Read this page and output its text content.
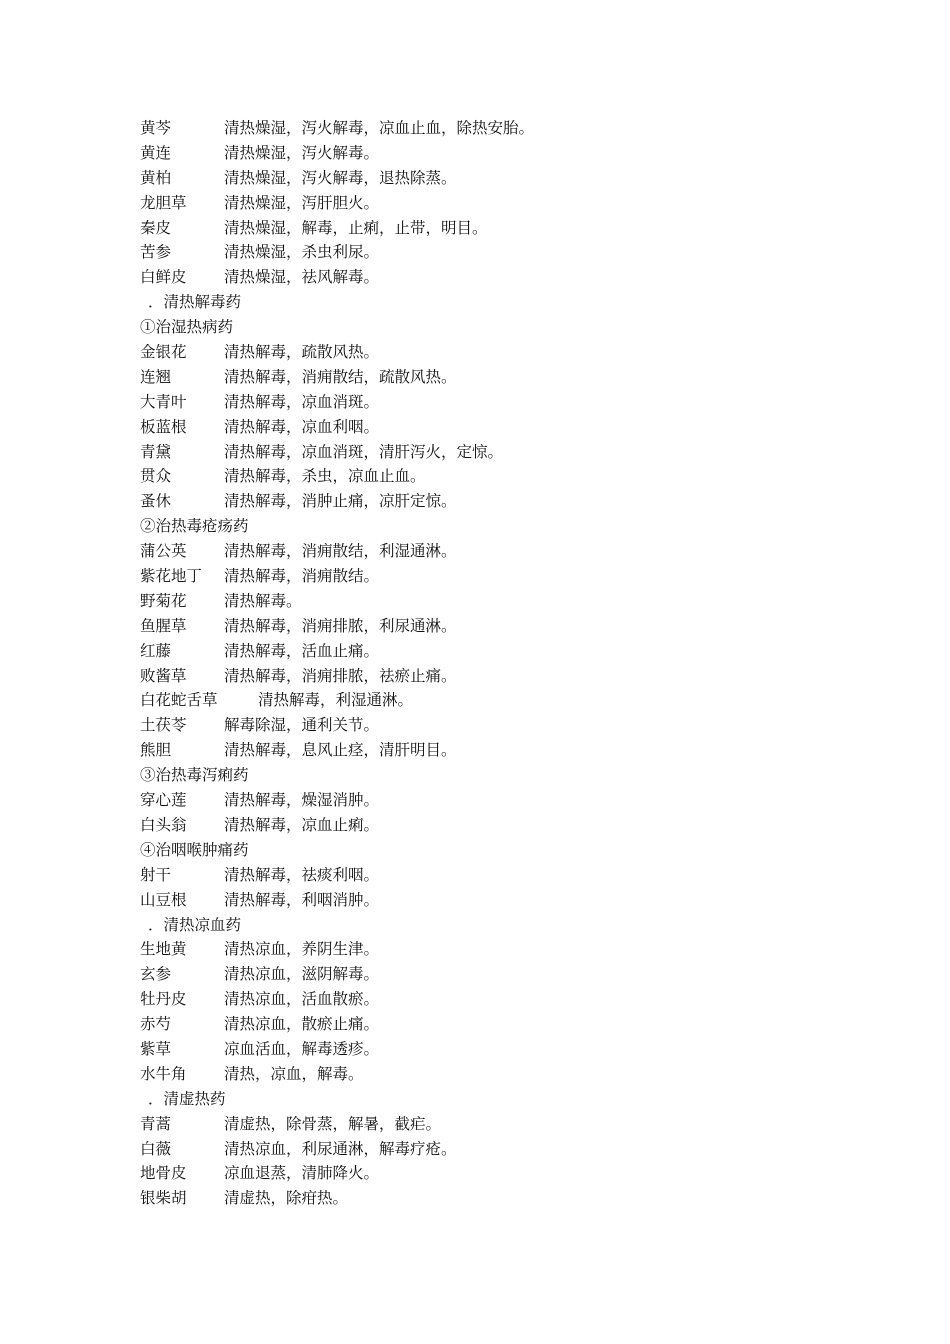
黄芩	清热燥湿，泻火解毒，凉血止血，除热安胎。
黄连	清热燥湿，泻火解毒。
黄柏	清热燥湿，泻火解毒，退热除蒸。
龙胆草 清热燥湿，泻肝胆火。
秦皮	清热燥湿，解毒，止痢，止带，明目。
苦参	清热燥湿，杀虫利尿。
白鲜皮 清热燥湿，祛风解毒。
．清热解毒药
①治湿热病药
金银花 清热解毒，疏散风热。
连翘	清热解毒，消痈散结，疏散风热。
大青叶 清热解毒，凉血消斑。
板蓝根 清热解毒，凉血利咽。
青黛	清热解毒，凉血消斑，清肝泻火，定惊。
贯众	清热解毒，杀虫，凉血止血。
蚤休	清热解毒，消肿止痛，凉肝定惊。
②治热毒疮疡药
蒲公英 清热解毒，消痈散结，利湿通淋。
紫花地丁 清热解毒，消痈散结。
野菊花 清热解毒。
鱼腥草 清热解毒，消痈排脓，利尿通淋。
红藤	清热解毒，活血止痛。
败酱草 清热解毒，消痈排脓，祛瘀止痛。
白花蛇舌草	清热解毒，利湿通淋。
土茯苓 解毒除湿，通利关节。
熊胆	清热解毒，息风止痉，清肝明目。
③治热毒泻痢药
穿心莲 清热解毒，燥湿消肿。
白头翁 清热解毒，凉血止痢。
④治咽喉肿痛药
射干	清热解毒，祛痰利咽。
山豆根 清热解毒，利咽消肿。
．清热凉血药
生地黄 清热凉血，养阴生津。
玄参	清热凉血，滋阴解毒。
牡丹皮 清热凉血，活血散瘀。
赤芍	清热凉血，散瘀止痛。
紫草	凉血活血，解毒透疹。
水牛角 清热，凉血，解毒。
．清虚热药
青蒿	清虚热，除骨蒸，解暑，截疟。
白薇	清热凉血，利尿通淋，解毒疗疮。
地骨皮 凉血退蒸，清肺降火。
银柴胡 清虚热，除疳热。
